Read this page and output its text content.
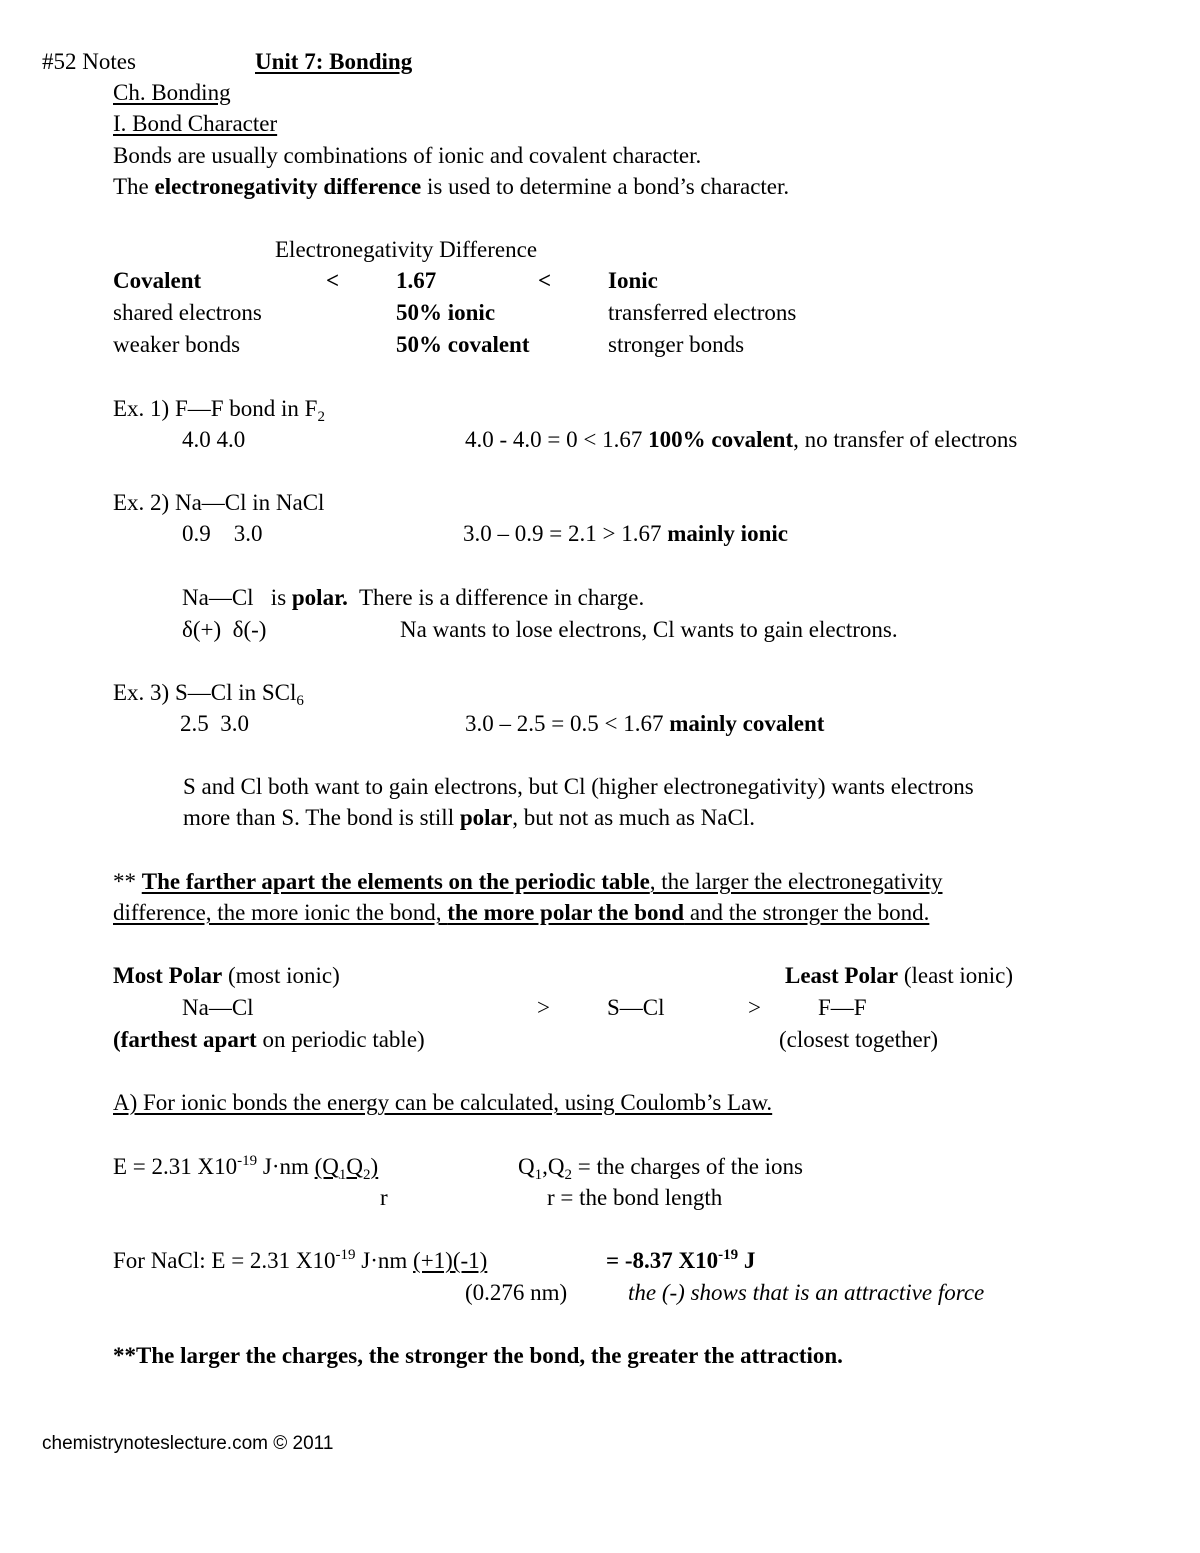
#52 Notes	Unit 7: Bonding
Ch. Bonding
I. Bond Character
Bonds are usually combinations of ionic and covalent character.
The electronegativity difference is used to determine a bond’s character.
Electronegativity Difference
Covalent	< 1.67	< Ionic
shared electrons	50% ionic	transferred electrons
weaker bonds	50% covalent	stronger bonds
Ex. 1) F—F bond in $F_2$
4.0 4.0	4.0 - 4.0 = 0 < 1.67 100% covalent, no transfer of electrons
Ex. 2) Na—Cl in NaCl
0.9    3.0	3.0 – 0.9 = 2.1 > 1.67 mainly ionic
Na—Cl   is polar.  There is a difference in charge.
δ(+)  δ(-)	Na wants to lose electrons, Cl wants to gain electrons.
Ex. 3) S—Cl in SCl$_6$
2.5  3.0	3.0 – 2.5 = 0.5 < 1.67 mainly covalent
S and Cl both want to gain electrons, but Cl (higher electronegativity) wants electrons
more than S. The bond is still polar, but not as much as NaCl.
** The farther apart the elements on the periodic table, the larger the electronegativity
difference, the more ionic the bond, the more polar the bond and the stronger the bond.
Most Polar (most ionic)	Least Polar (least ionic)
Na—Cl	> S—Cl	> F—F
(farthest apart on periodic table)	(closest together)
A) For ionic bonds the energy can be calculated, using Coulomb’s Law.
E = 2.31 $X10^{-19}$ J·nm $(Q_1Q_2)$
r
$Q_1,Q_2$ = the charges of the ions
r = the bond length
For NaCl: E = 2.31 $X10^{-19}$ J·nm (+1)(-1)	= -8.37 $X10^{-19}$ J
(0.276 nm)	the (-) shows that is an attractive force
**The larger the charges, the stronger the bond, the greater the attraction.
chemistrynoteslecture.com © 2011
